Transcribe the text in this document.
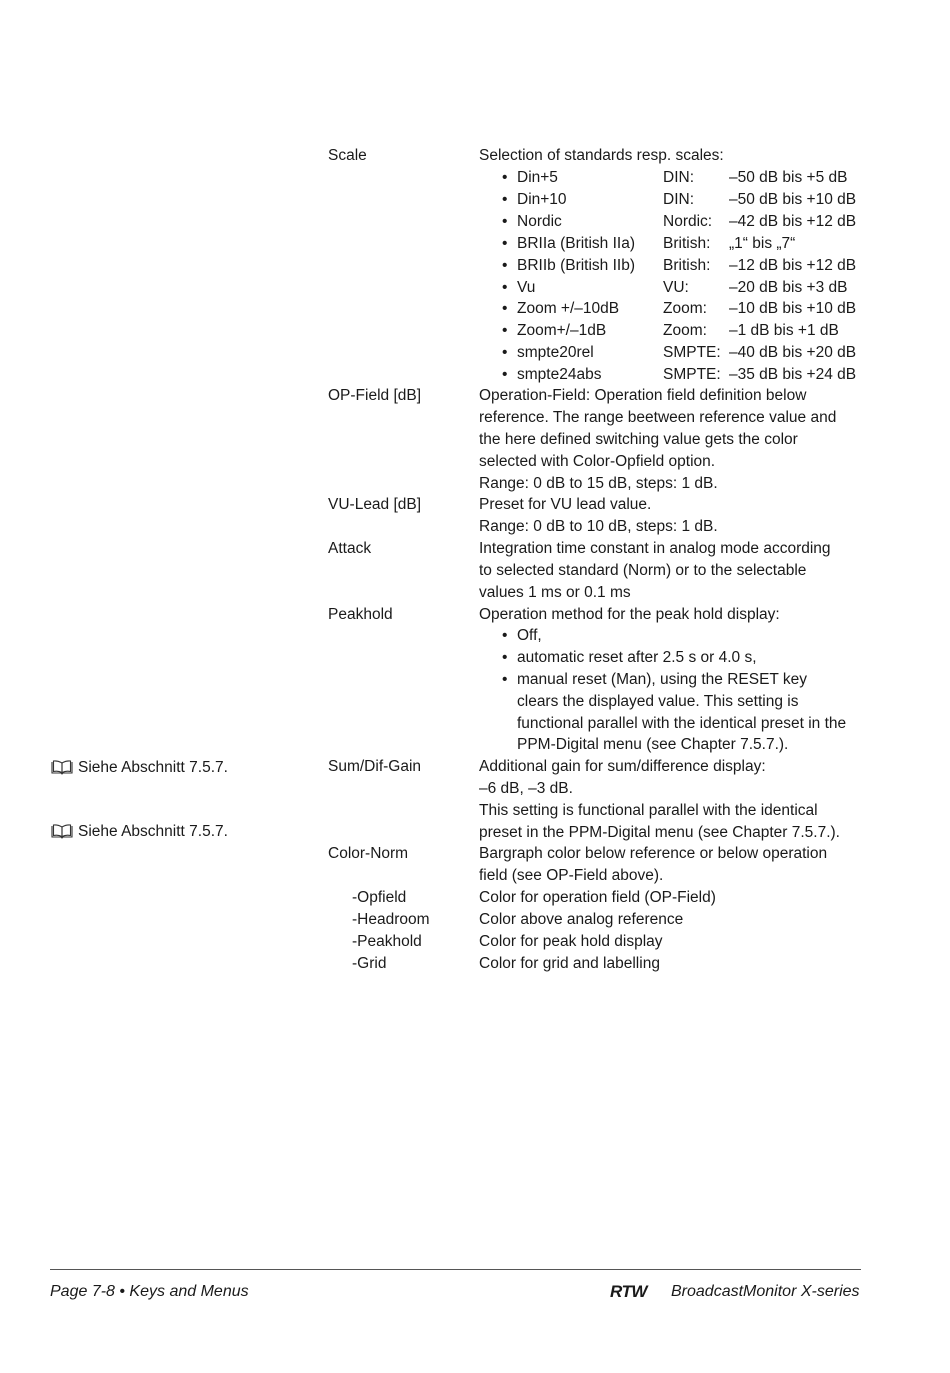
Scale	Selection of standards resp. scales:
• Din+5	DIN: –50 dB bis +5 dB
• Din+10	DIN: –50 dB bis +10 dB
• Nordic	Nordic: –42 dB bis +12 dB
• BRIIa (British IIa) British: „1“ bis „7“
• BRIIb (British IIb) British: –12 dB bis +12 dB
• Vu	VU:	–20 dB bis +3 dB
• Zoom +/–10dB	Zoom: –10 dB bis +10 dB
• Zoom+/–1dB	Zoom: –1 dB bis +1 dB
• smpte20rel	SMPTE: –40 dB bis +20 dB
• smpte24abs	SMPTE: –35 dB bis +24 dB
OP-Field [dB]	Operation-Field: Operation field definition below
reference. The range beetween reference value and
the here defined switching value gets the color
selected with Color-Opfield option.
Range: 0 dB to 15 dB, steps: 1 dB.
VU-Lead [dB]	Preset for VU lead value.
Range: 0 dB to 10 dB, steps: 1 dB.
Attack	Integration time constant in analog mode according
to selected standard (Norm) or to the selectable
values 1 ms or 0.1 ms
Peakhold	Operation method for the peak hold display:
• Off,
• automatic reset after 2.5 s or 4.0 s,
• manual reset (Man), using the RESET key
clears the displayed value. This setting is
functional parallel with the identical preset in the
PPM-Digital menu (see Chapter 7.5.7.).
Siehe Abschnitt 7.5.7.
Siehe Abschnitt 7.5.7.
Sum/Dif-Gain	Additional gain for sum/difference display:
–6 dB, –3 dB.
This setting is functional parallel with the identical
preset in the PPM-Digital menu (see Chapter 7.5.7.).
Color-Norm	Bargraph color below reference or below operation
field (see OP-Field above).
-Opfield	Color for operation field (OP-Field)
-Headroom	Color above analog reference
-Peakhold	Color for peak hold display
-Grid	Color for grid and labelling
Page 7-8 • Keys and Menus	RTW BroadcastMonitor X-series
